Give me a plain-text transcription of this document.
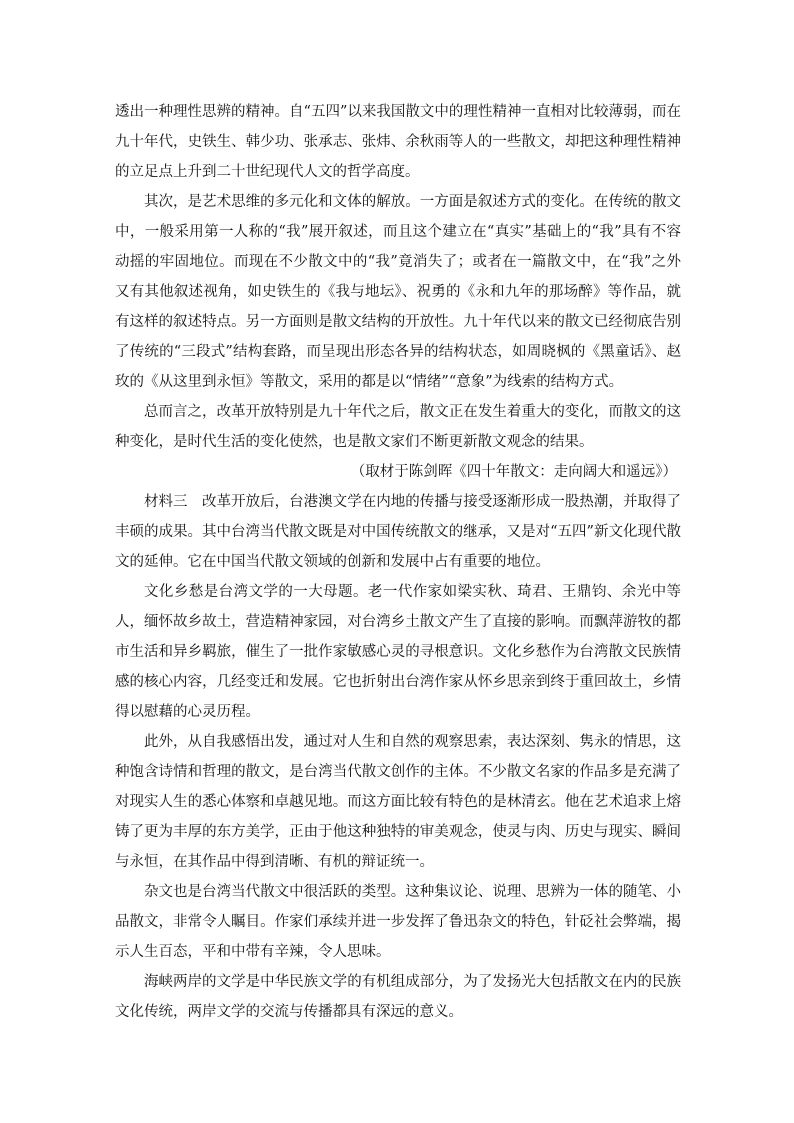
透出一种理性思辨的精神。自“五四”以来我国散文中的理性精神一直相对比较薄弱，而在九十年代，史铁生、韩少功、张承志、张炜、余秋雨等人的一些散文，却把这种理性精神的立足点上升到二十世纪现代人文的哲学高度。

其次，是艺术思维的多元化和文体的解放。一方面是叙述方式的变化。在传统的散文中，一般采用第一人称的“我”展开叙述，而且这个建立在“真实”基础上的“我”具有不容动摇的牢固地位。而现在不少散文中的“我”竟消失了；或者在一篇散文中，在“我”之外又有其他叙述视角，如史铁生的《我与地坛》、祝勇的《永和九年的那场醉》等作品，就有这样的叙述特点。另一方面则是散文结构的开放性。九十年代以来的散文已经彻底告别了传统的“三段式”结构套路，而呈现出形态各异的结构状态，如周晓枫的《黑童话》、赵玫的《从这里到永恒》等散文，采用的都是以“情绪”“意象”为线索的结构方式。

总而言之，改革开放特别是九十年代之后，散文正在发生着重大的变化，而散文的这种变化，是时代生活的变化使然，也是散文家们不断更新散文观念的结果。

（取材于陈剑晖《四十年散文：走向阔大和遥远》）

材料三　改革开放后，台港澳文学在内地的传播与接受逐渐形成一股热潮，并取得了丰硕的成果。其中台湾当代散文既是对中国传统散文的继承，又是对“五四”新文化现代散文的延伸。它在中国当代散文领域的创新和发展中占有重要的地位。

文化乡愁是台湾文学的一大母题。老一代作家如梁实秋、琦君、王鼎钧、余光中等人，缅怀故乡故土，营造精神家园，对台湾乡土散文产生了直接的影响。而飘萍游牧的都市生活和异乡羁旅，催生了一批作家敏感心灵的寻根意识。文化乡愁作为台湾散文民族情感的核心内容，几经变迁和发展。它也折射出台湾作家从怀乡思亲到终于重回故土，乡情得以慰藉的心灵历程。

此外，从自我感悟出发，通过对人生和自然的观察思索，表达深刻、隽永的情思，这种饱含诗情和哲理的散文，是台湾当代散文创作的主体。不少散文名家的作品多是充满了对现实人生的悉心体察和卓越见地。而这方面比较有特色的是林清玄。他在艺术追求上熔铸了更为丰厚的东方美学，正由于他这种独特的审美观念，使灵与肉、历史与现实、瞬间与永恒，在其作品中得到清晰、有机的辩证统一。

杂文也是台湾当代散文中很活跃的类型。这种集议论、说理、思辨为一体的随笔、小品散文，非常令人瞩目。作家们承续并进一步发挥了鲁迅杂文的特色，针砭社会弊端，揭示人生百态，平和中带有辛辣，令人思味。

海峡两岸的文学是中华民族文学的有机组成部分，为了发扬光大包括散文在内的民族文化传统，两岸文学的交流与传播都具有深远的意义。
